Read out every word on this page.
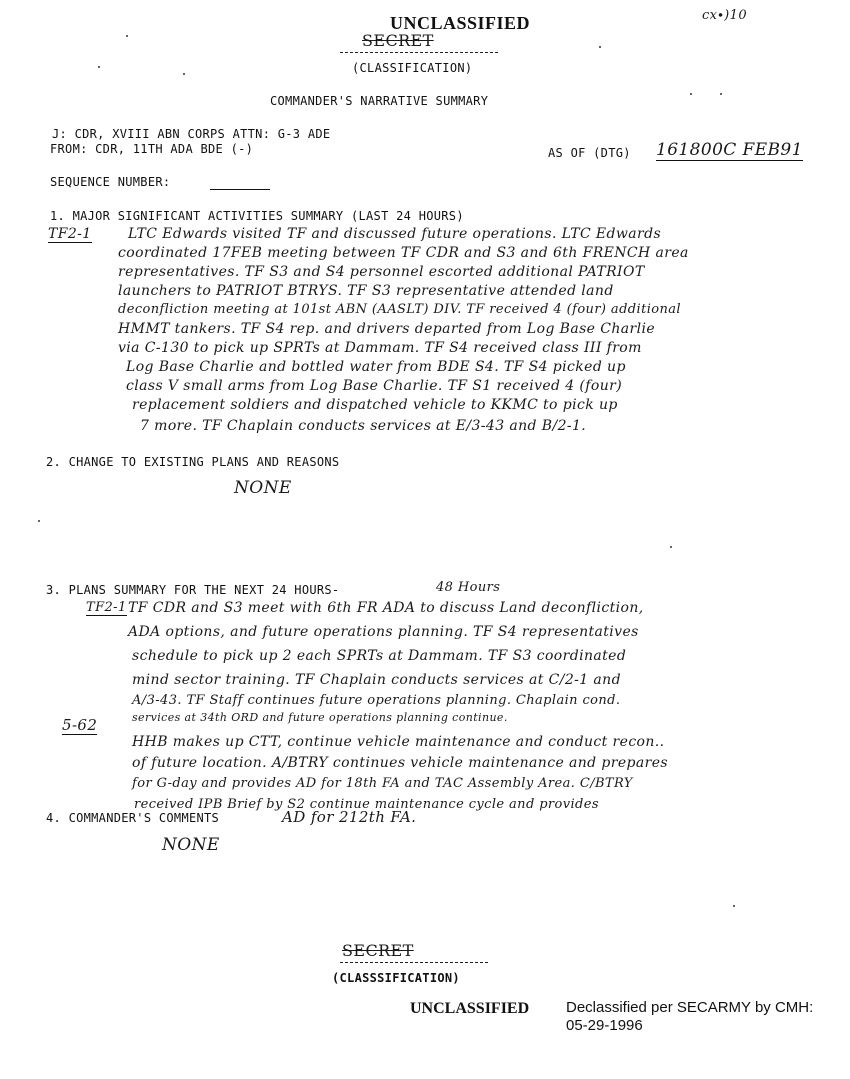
UNCLASSIFIED
SECRET
cx∙)10
(CLASSIFICATION)
COMMANDER'S NARRATIVE SUMMARY
J: CDR, XVIII ABN CORPS ATTN: G-3 ADE
FROM: CDR, 11TH ADA BDE (-)	AS OF (DTG) 161800C FEB91
SEQUENCE NUMBER:
1. MAJOR SIGNIFICANT ACTIVITIES SUMMARY (LAST 24 HOURS)
TF2-1	LTC Edwards visited TF and discussed future operations. LTC Edwards
coordinated 17FEB meeting between TF CDR and S3 and 6th FRENCH area
representatives. TF S3 and S4 personnel escorted additional PATRIOT
launchers to PATRIOT BTRYS. TF S3 representative attended land
deconfliction meeting at 101st ABN (AASLT) DIV. TF received 4 (four) additional
HMMT tankers. TF S4 rep. and drivers departed from Log Base Charlie
via C-130 to pick up SPRTs at Dammam. TF S4 received class III from
Log Base Charlie and bottled water from BDE S4. TF S4 picked up
class V small arms from Log Base Charlie. TF S1 received 4 (four)
replacement soldiers and dispatched vehicle to KKMC to pick up
7 more. TF Chaplain conducts services at E/3-43 and B/2-1.
2. CHANGE TO EXISTING PLANS AND REASONS
NONE
3. PLANS SUMMARY FOR THE NEXT 24 HOURS-	48 Hours
TF2-1 TF CDR and S3 meet with 6th FR ADA to discuss Land deconfliction,
ADA options, and future operations planning. TF S4 representatives
schedule to pick up 2 each SPRTs at Dammam. TF S3 coordinated
mind sector training. TF Chaplain conducts services at C/2-1 and
A/3-43. TF Staff continues future operations planning. Chaplain cond.
services at 34th ORD and future operations planning continue.
5-62
HHB makes up CTT, continue vehicle maintenance and conduct recon..
of future location. A/BTRY continues vehicle maintenance and prepares
for G-day and provides AD for 18th FA and TAC Assembly Area. C/BTRY
received IPB Brief by S2 continue maintenance cycle and provides
4. COMMANDER'S COMMENTS	AD for 212th FA.
NONE
SECRET
(CLASSSIFICATION)
UNCLASSIFIED Declassified per SECARMY by CMH:
05-29-1996
